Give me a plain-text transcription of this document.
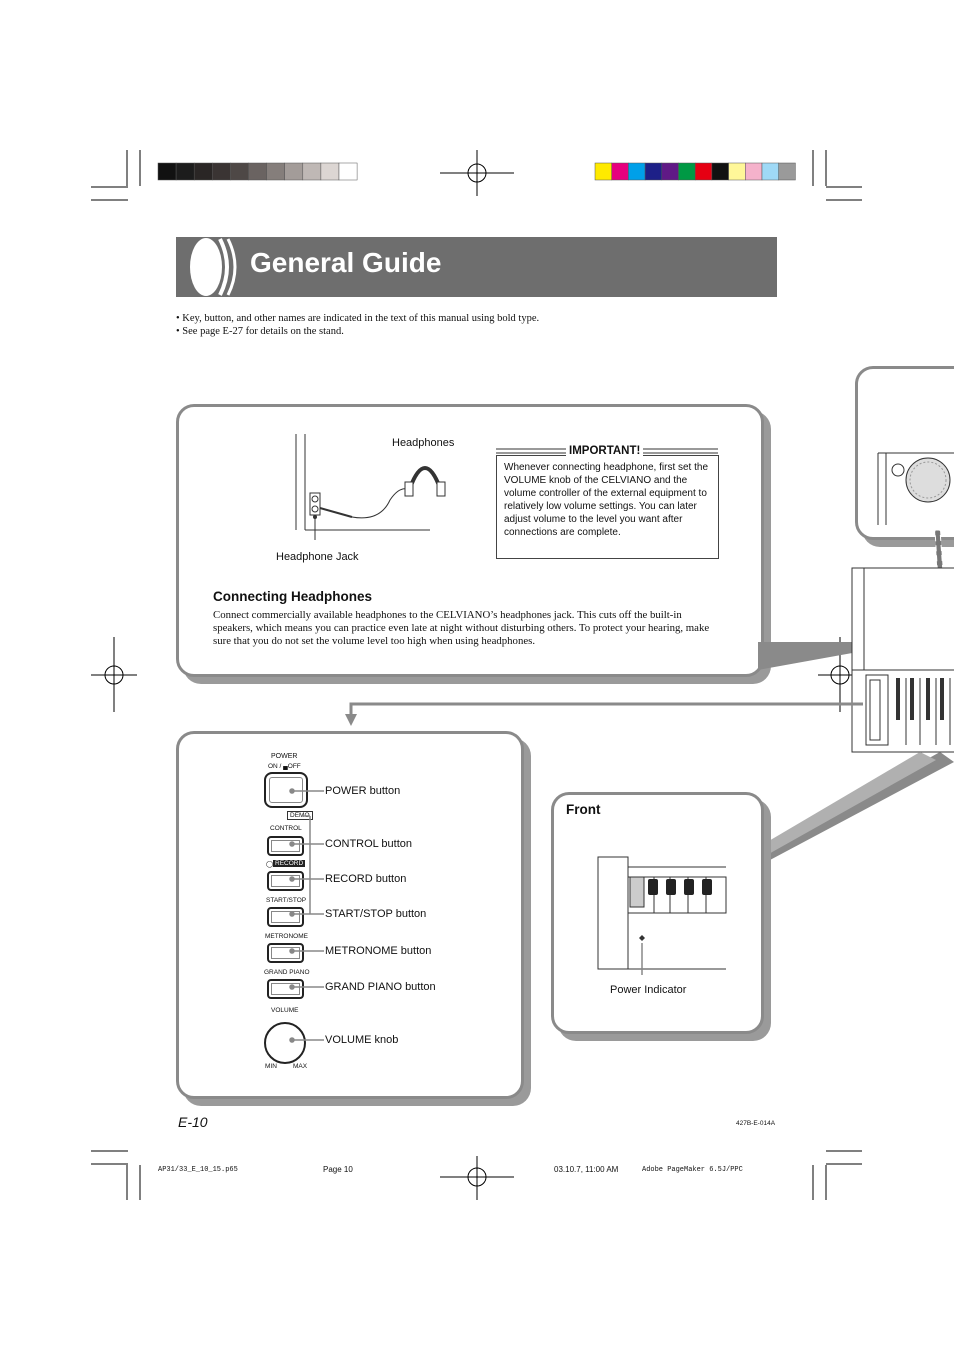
General Guide
• Key, button, and other names are indicated in the text of this manual using bold type.
• See page E-27 for details on the stand.
Headphones
Headphone Jack
IMPORTANT!
Whenever connecting headphone, first set the VOLUME knob of the CELVIANO and the volume controller of the external equipment to relatively low volume settings. You can later adjust volume to the level you want after connections are complete.
Connecting Headphones
Connect commercially available headphones to the CELVIANO’s headphones jack. This cuts off the built-in speakers, which means you can practice even late at night without disturbing others. To protect your hearing, make sure that you do not set the volume level too high when using headphones.
POWER
ON / ▄OFF
DEMO
CONTROL
◯ RECORD
START/STOP
METRONOME
GRAND PIANO
VOLUME
MIN MAX
POWER button
CONTROL button
RECORD button
START/STOP button
METRONOME button
GRAND PIANO button
VOLUME knob
Front
Power Indicator
E-10	427B-E-014A
AP31/33_E_10_15.p65	Page 10	03.10.7, 11:00 AM	Adobe PageMaker 6.5J/PPC
